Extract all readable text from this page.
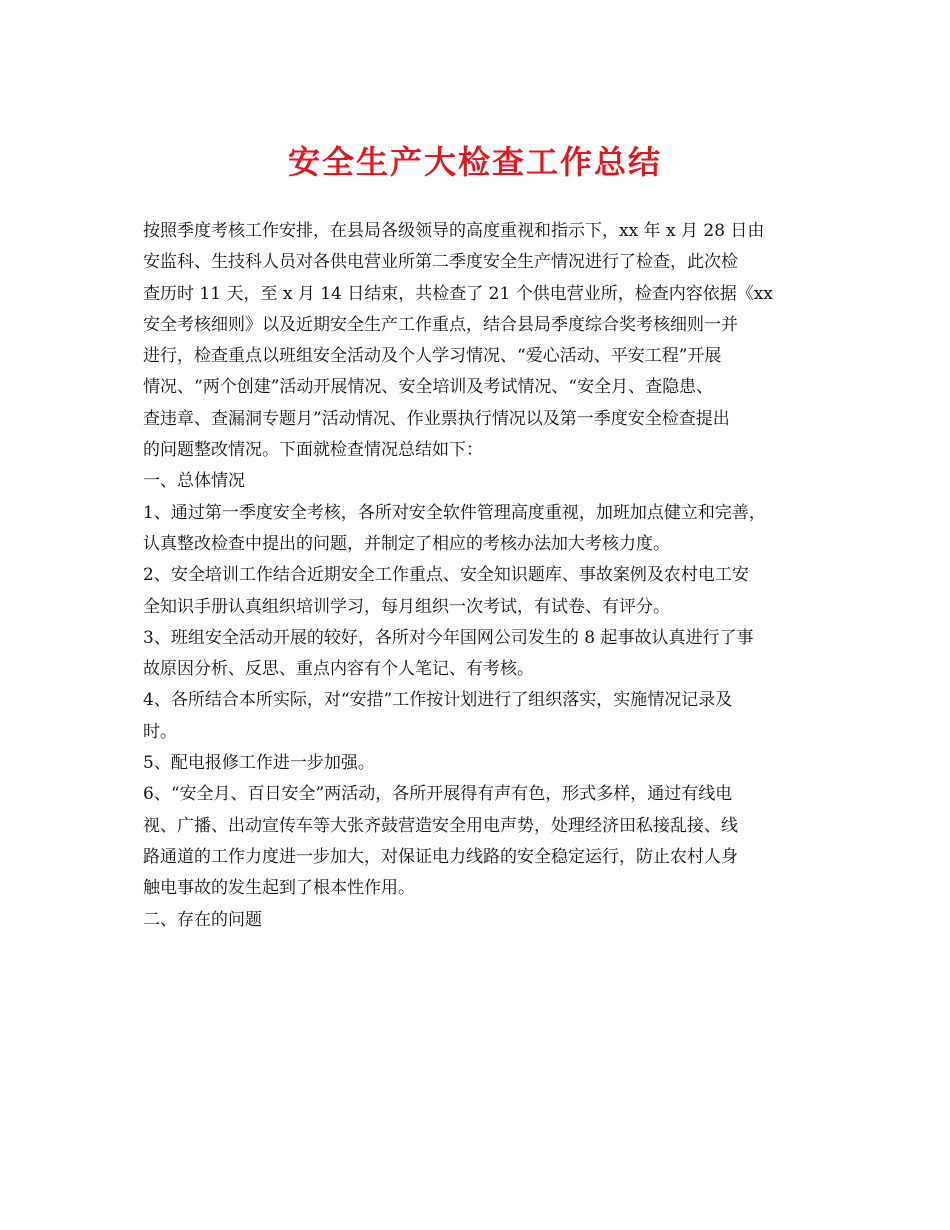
安全生产大检查工作总结
按照季度考核工作安排，在县局各级领导的高度重视和指示下，xx 年 x 月 28 日由
安监科、生技科人员对各供电营业所第二季度安全生产情况进行了检查，此次检
查历时 11 天，至 x 月 14 日结束，共检查了 21 个供电营业所，检查内容依据《xx
安全考核细则》以及近期安全生产工作重点，结合县局季度综合奖考核细则一并
进行，检查重点以班组安全活动及个人学习情况、“爱心活动、平安工程”开展
情况、“两个创建”活动开展情况、安全培训及考试情况、“安全月、查隐患、
查违章、查漏洞专题月”活动情况、作业票执行情况以及第一季度安全检查提出
的问题整改情况。下面就检查情况总结如下：
一、总体情况
1、通过第一季度安全考核，各所对安全软件管理高度重视，加班加点健立和完善，
认真整改检查中提出的问题，并制定了相应的考核办法加大考核力度。
2、安全培训工作结合近期安全工作重点、安全知识题库、事故案例及农村电工安
全知识手册认真组织培训学习，每月组织一次考试，有试卷、有评分。
3、班组安全活动开展的较好，各所对今年国网公司发生的 8 起事故认真进行了事
故原因分析、反思、重点内容有个人笔记、有考核。
4、各所结合本所实际，对“安措”工作按计划进行了组织落实，实施情况记录及
时。
5、配电报修工作进一步加强。
6、“安全月、百日安全”两活动，各所开展得有声有色，形式多样，通过有线电
视、广播、出动宣传车等大张齐鼓营造安全用电声势，处理经济田私接乱接、线
路通道的工作力度进一步加大，对保证电力线路的安全稳定运行，防止农村人身
触电事故的发生起到了根本性作用。
二、存在的问题
